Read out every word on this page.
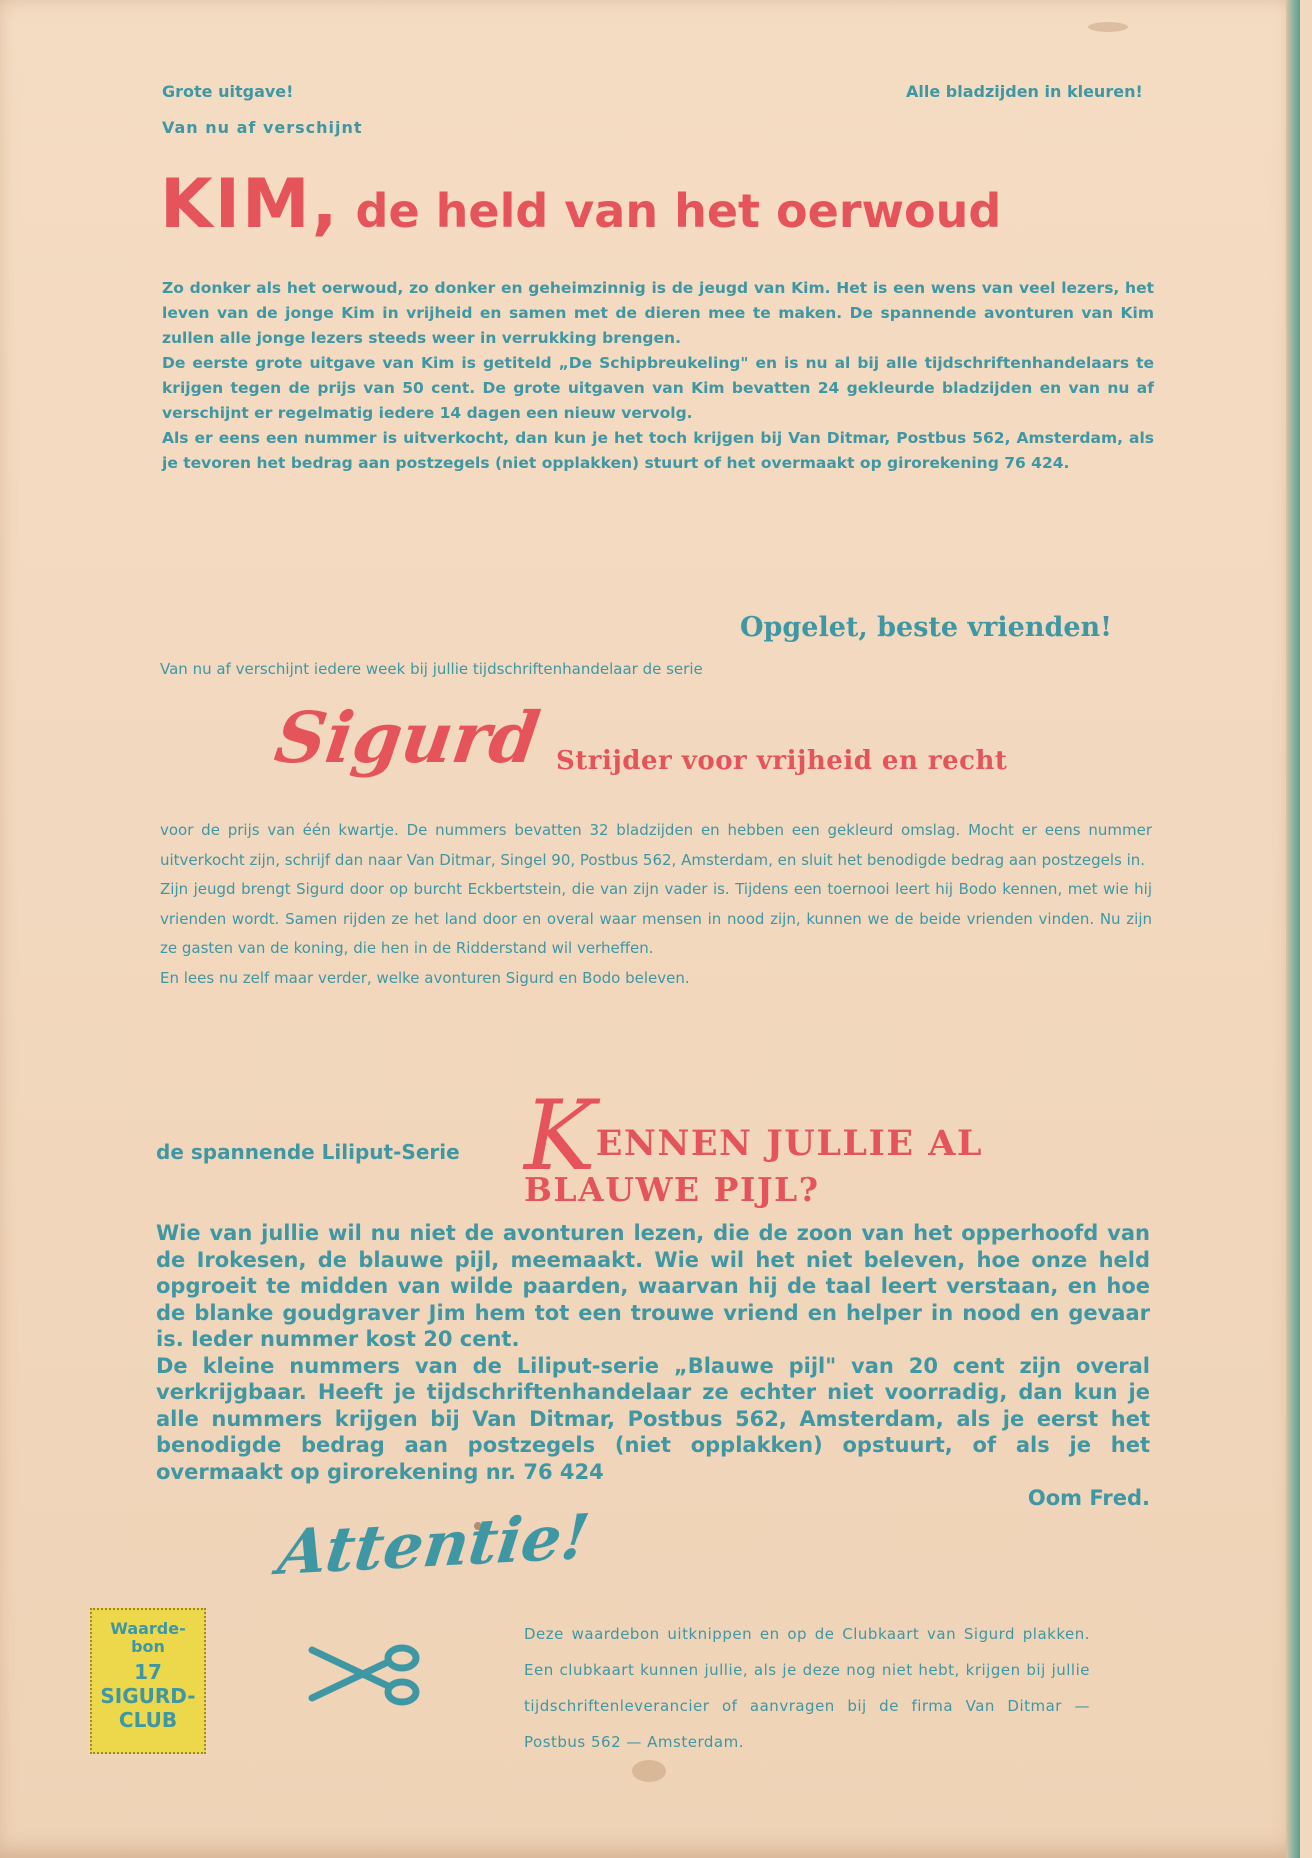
Grote uitgave!	Alle bladzijden in kleuren!
Van nu af verschijnt
KIM, de held van het oerwoud

Zo donker als het oerwoud, zo donker en geheimzinnig is de jeugd van Kim. Het is een wens van veel lezers, het leven van de jonge Kim in vrijheid en samen met de dieren mee te maken. De spannende avonturen van Kim zullen alle jonge lezers steeds weer in verrukking brengen.

De eerste grote uitgave van Kim is getiteld „De Schipbreukeling" en is nu al bij alle tijdschriftenhandelaars te krijgen tegen de prijs van 50 cent. De grote uitgaven van Kim bevatten 24 gekleurde bladzijden en van nu af verschijnt er regelmatig iedere 14 dagen een nieuw vervolg.

Als er eens een nummer is uitverkocht, dan kun je het toch krijgen bij Van Ditmar, Postbus 562, Amsterdam, als je tevoren het bedrag aan postzegels (niet opplakken) stuurt of het overmaakt op girorekening 76 424.

Opgelet, beste vrienden!
Van nu af verschijnt iedere week bij jullie tijdschriftenhandelaar de serie
Sigurd Strijder voor vrijheid en recht

voor de prijs van één kwartje. De nummers bevatten 32 bladzijden en hebben een gekleurd omslag. Mocht er eens nummer uitverkocht zijn, schrijf dan naar Van Ditmar, Singel 90, Postbus 562, Amsterdam, en sluit het benodigde bedrag aan postzegels in.

Zijn jeugd brengt Sigurd door op burcht Eckbertstein, die van zijn vader is. Tijdens een toernooi leert hij Bodo kennen, met wie hij vrienden wordt. Samen rijden ze het land door en overal waar mensen in nood zijn, kunnen we de beide vrienden vinden. Nu zijn ze gasten van de koning, die hen in de Ridderstand wil verheffen.

En lees nu zelf maar verder, welke avonturen Sigurd en Bodo beleven.

de spannende Liliput-Serie KENNEN JULLIE AL
BLAUWE PIJL?

Wie van jullie wil nu niet de avonturen lezen, die de zoon van het opperhoofd van de Irokesen, de blauwe pijl, meemaakt. Wie wil het niet beleven, hoe onze held opgroeit te midden van wilde paarden, waarvan hij de taal leert verstaan, en hoe de blanke goudgraver Jim hem tot een trouwe vriend en helper in nood en gevaar is. Ieder nummer kost 20 cent.

De kleine nummers van de Liliput-serie „Blauwe pijl" van 20 cent zijn overal verkrijgbaar. Heeft je tijdschriftenhandelaar ze echter niet voorradig, dan kun je alle nummers krijgen bij Van Ditmar, Postbus 562, Amsterdam, als je eerst het benodigde bedrag aan postzegels (niet opplakken) opstuurt, of als je het overmaakt op girorekening nr. 76 424

Oom Fred.

Attentie!
Waarde-
bon
17
SIGURD-
CLUB

Deze waardebon uitknippen en op de Clubkaart van Sigurd plakken. Een clubkaart kunnen jullie, als je deze nog niet hebt, krijgen bij jullie tijdschriftenleverancier of aanvragen bij de firma Van Ditmar — Postbus 562 — Amsterdam.
